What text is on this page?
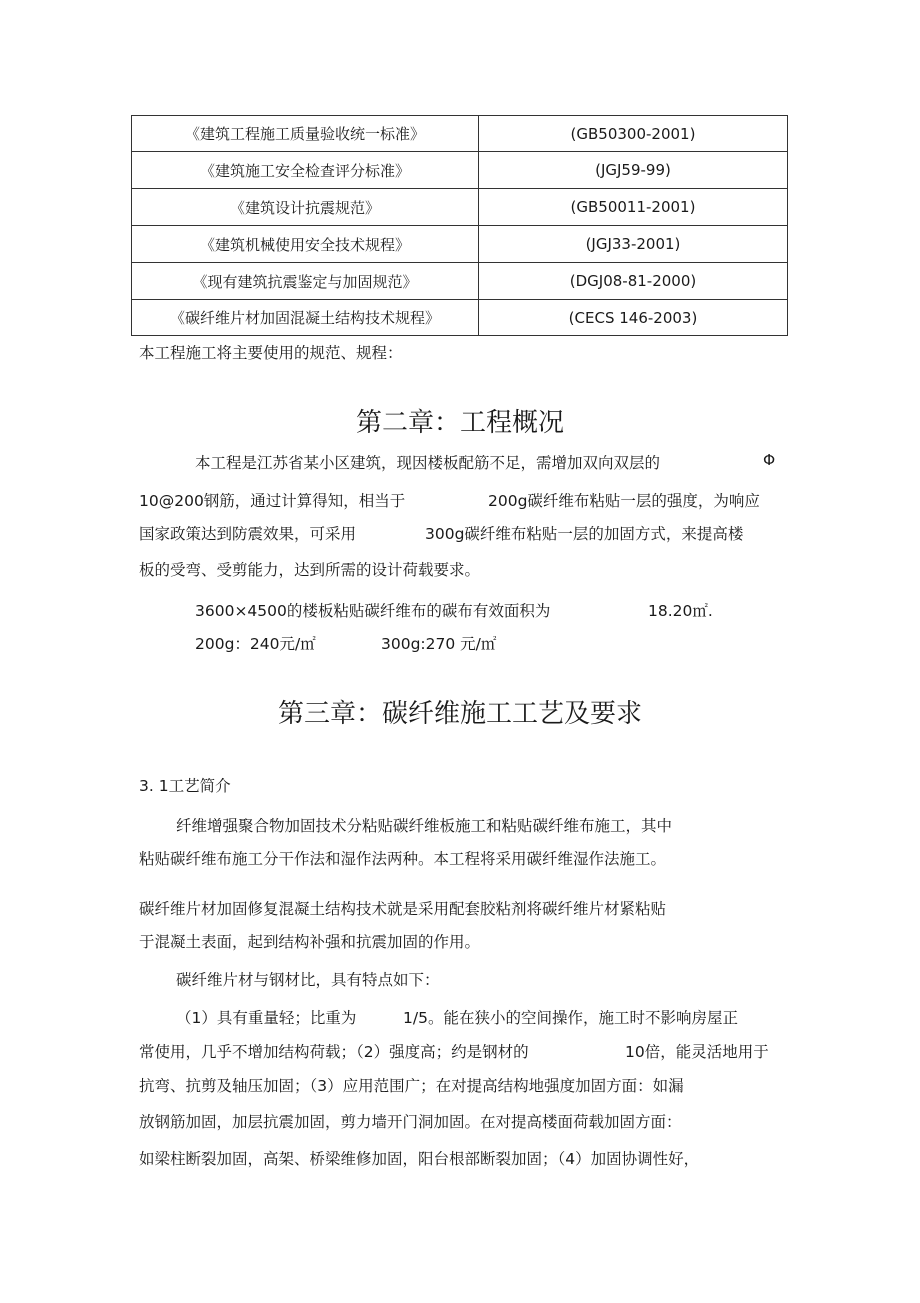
《建筑工程施工质量验收统一标准》	(GB50300-2001)
《建筑施工安全检查评分标准》	(JGJ59-99)
《建筑设计抗震规范》	(GB50011-2001)
《建筑机械使用安全技术规程》	(JGJ33-2001)
《现有建筑抗震鉴定与加固规范》	(DGJ08-81-2000)
《碳纤维片材加固混凝土结构技术规程》	(CECS 146-2003)
本工程施工将主要使用的规范、规程：
第二章：工程概况
本工程是江苏省某小区建筑，现因楼板配筋不足，需增加双向双层的	Φ
10@200钢筋，通过计算得知，相当于	200g碳纤维布粘贴一层的强度，为响应
国家政策达到防震效果，可采用	300g碳纤维布粘贴一层的加固方式，来提高楼
板的受弯、受剪能力，达到所需的设计荷载要求。
3600×4500的楼板粘贴碳纤维布的碳布有效面积为	18.20㎡.
200g：240元/㎡	300g:270 元/㎡
第三章：碳纤维施工工艺及要求
3. 1工艺简介
纤维增强聚合物加固技术分粘贴碳纤维板施工和粘贴碳纤维布施工，其中
粘贴碳纤维布施工分干作法和湿作法两种。本工程将采用碳纤维湿作法施工。
碳纤维片材加固修复混凝土结构技术就是采用配套胶粘剂将碳纤维片材紧粘贴
于混凝土表面，起到结构补强和抗震加固的作用。
碳纤维片材与钢材比，具有特点如下：
（1）具有重量轻；比重为	1/5。能在狭小的空间操作，施工时不影响房屋正
常使用，几乎不增加结构荷载；（2）强度高；约是钢材的	10倍，能灵活地用于
抗弯、抗剪及轴压加固；（3）应用范围广；在对提高结构地强度加固方面：如漏
放钢筋加固，加层抗震加固，剪力墙开门洞加固。在对提高楼面荷载加固方面：
如梁柱断裂加固，高架、桥梁维修加固，阳台根部断裂加固；（4）加固协调性好，
